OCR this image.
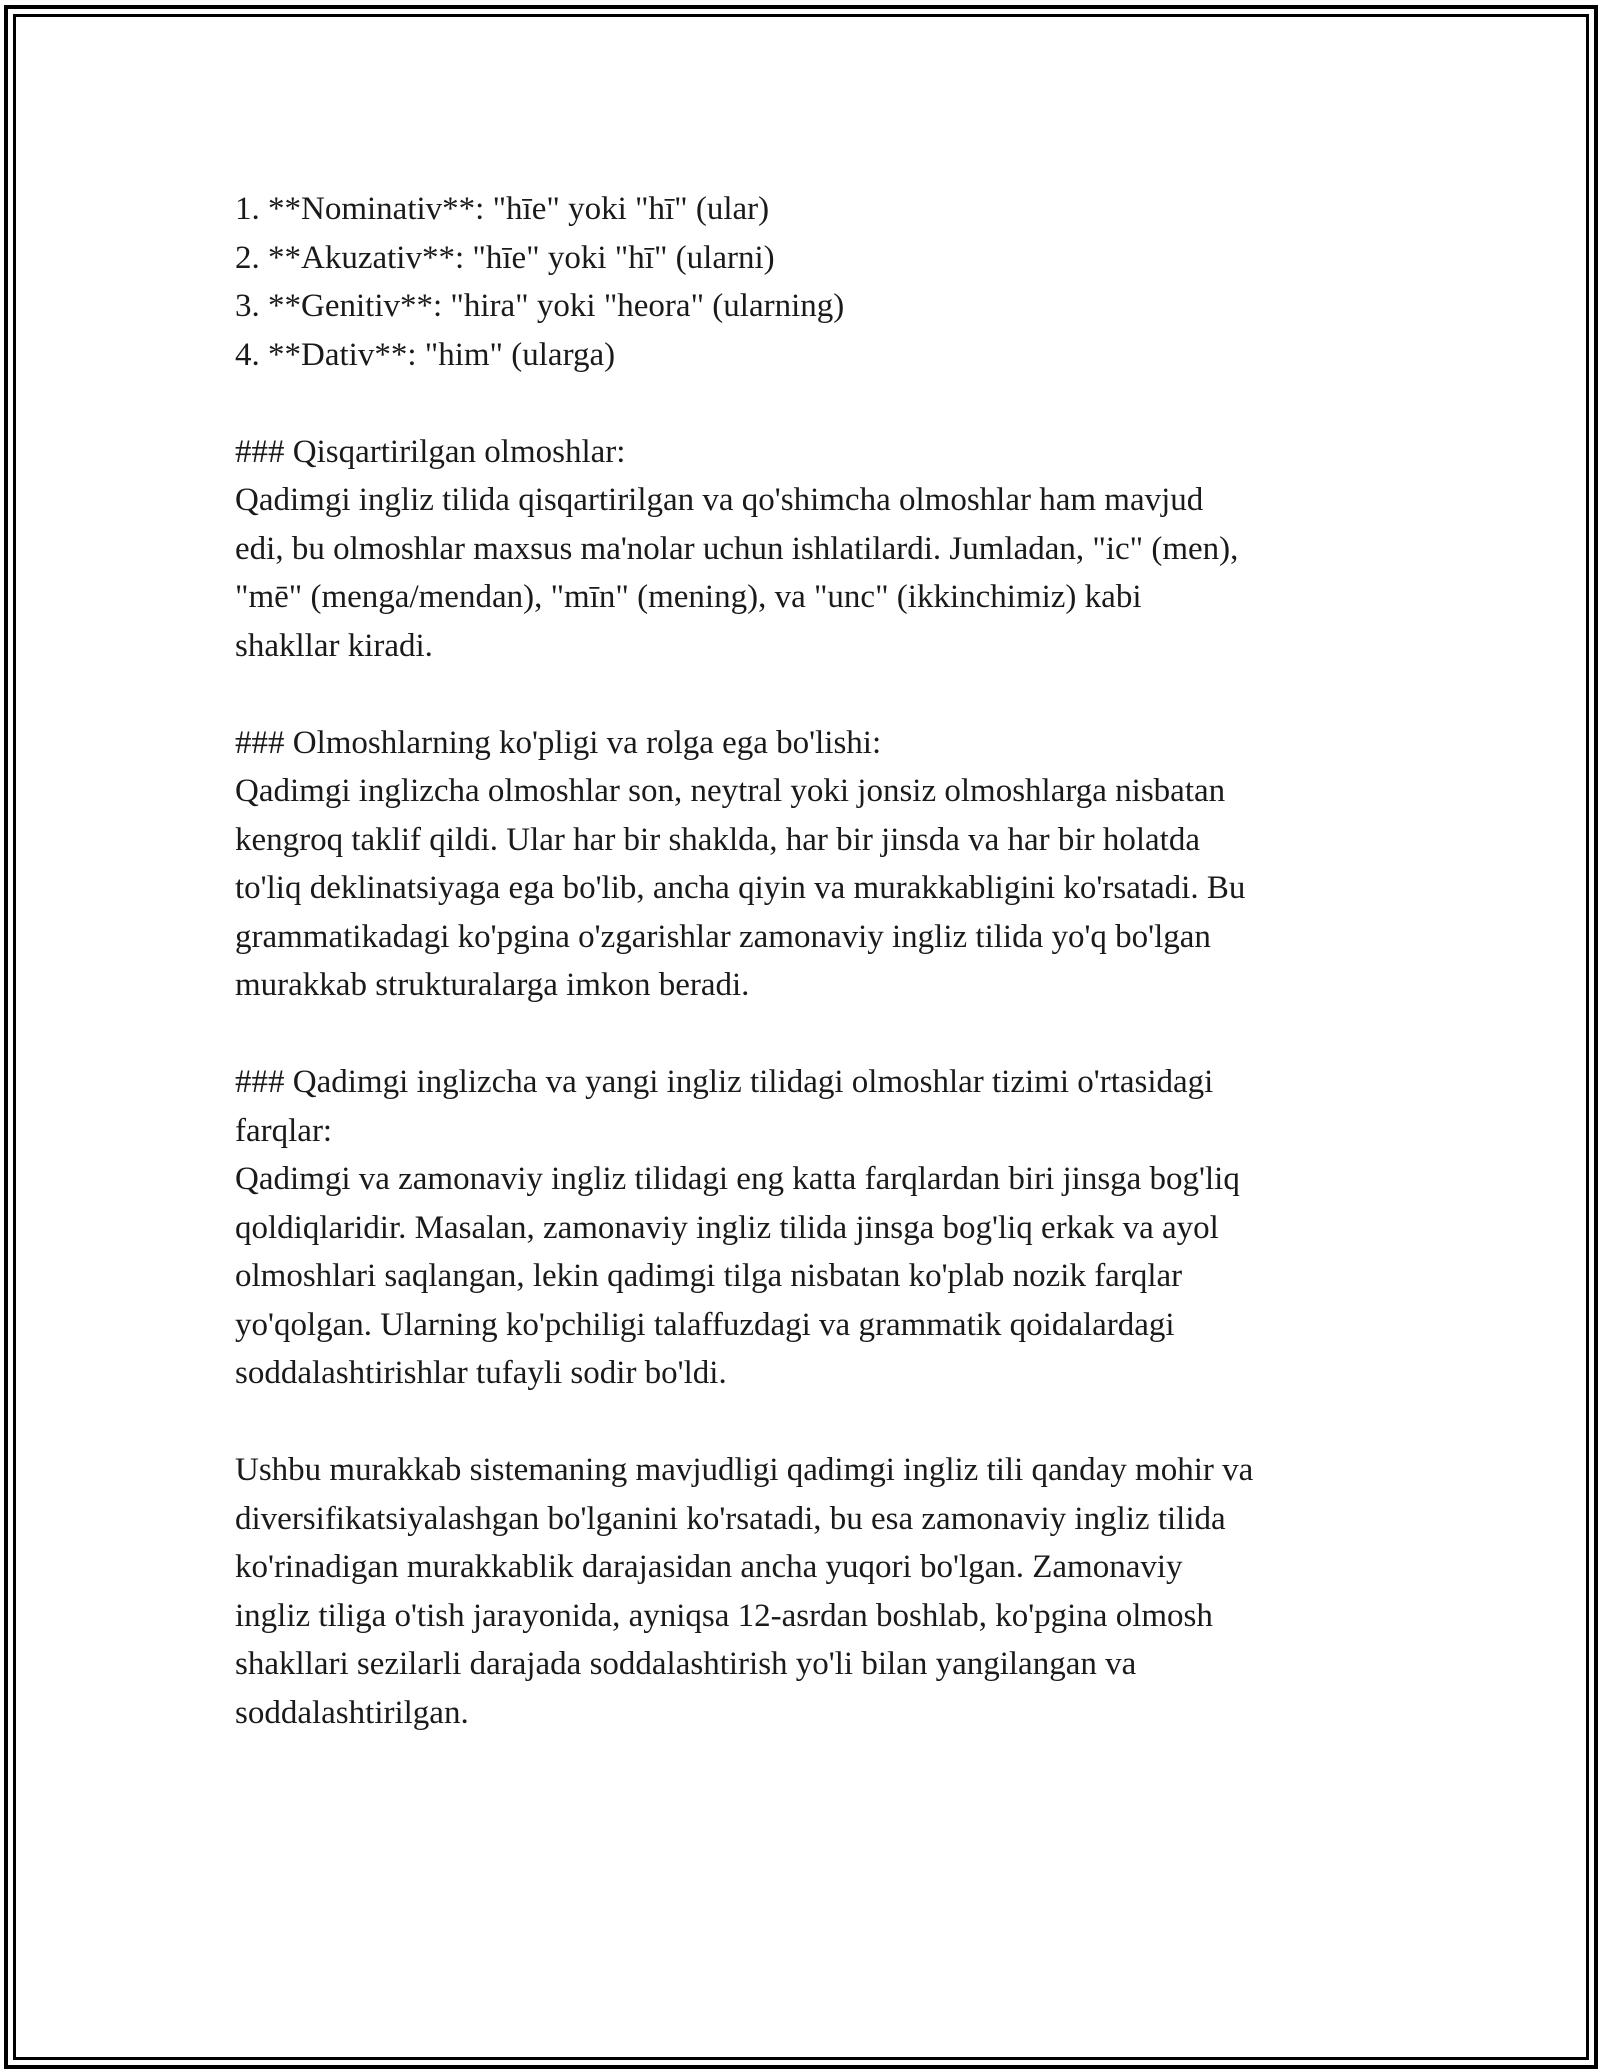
1. **Nominativ**: "hīe" yoki "hī" (ular)
2. **Akuzativ**: "hīe" yoki "hī" (ularni)
3. **Genitiv**: "hira" yoki "heora" (ularning)
4. **Dativ**: "him" (ularga)
### Qisqartirilgan olmoshlar:
Qadimgi ingliz tilida qisqartirilgan va qo'shimcha olmoshlar ham mavjud
edi, bu olmoshlar maxsus ma'nolar uchun ishlatilardi. Jumladan, "ic" (men),
"mē" (menga/mendan), "mīn" (mening), va "unc" (ikkinchimiz) kabi
shakllar kiradi.
### Olmoshlarning ko'pligi va rolga ega bo'lishi:
Qadimgi inglizcha olmoshlar son, neytral yoki jonsiz olmoshlarga nisbatan
kengroq taklif qildi. Ular har bir shaklda, har bir jinsda va har bir holatda
to'liq deklinatsiyaga ega bo'lib, ancha qiyin va murakkabligini ko'rsatadi. Bu
grammatikadagi ko'pgina o'zgarishlar zamonaviy ingliz tilida yo'q bo'lgan
murakkab strukturalarga imkon beradi.
### Qadimgi inglizcha va yangi ingliz tilidagi olmoshlar tizimi o'rtasidagi
farqlar:
Qadimgi va zamonaviy ingliz tilidagi eng katta farqlardan biri jinsga bog'liq
qoldiqlaridir. Masalan, zamonaviy ingliz tilida jinsga bog'liq erkak va ayol
olmoshlari saqlangan, lekin qadimgi tilga nisbatan ko'plab nozik farqlar
yo'qolgan. Ularning ko'pchiligi talaffuzdagi va grammatik qoidalardagi
soddalashtirishlar tufayli sodir bo'ldi.
Ushbu murakkab sistemaning mavjudligi qadimgi ingliz tili qanday mohir va
diversifikatsiyalashgan bo'lganini ko'rsatadi, bu esa zamonaviy ingliz tilida
ko'rinadigan murakkablik darajasidan ancha yuqori bo'lgan. Zamonaviy
ingliz tiliga o'tish jarayonida, ayniqsa 12-asrdan boshlab, ko'pgina olmosh
shakllari sezilarli darajada soddalashtirish yo'li bilan yangilangan va
soddalashtirilgan.
